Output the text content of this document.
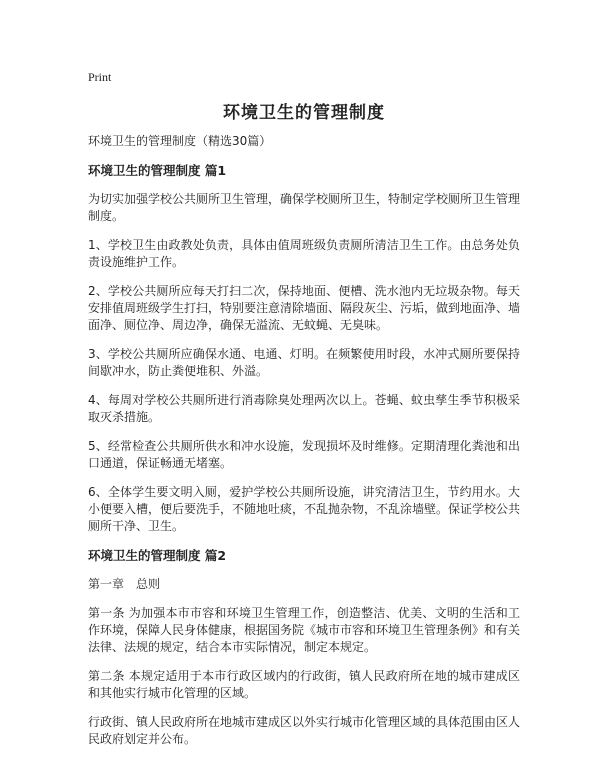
Print
环境卫生的管理制度
环境卫生的管理制度（精选30篇）
环境卫生的管理制度 篇1
为切实加强学校公共厕所卫生管理，确保学校厕所卫生，特制定学校厕所卫生管理制度。
1、学校卫生由政教处负责，具体由值周班级负责厕所清洁卫生工作。由总务处负责设施维护工作。
2、学校公共厕所应每天打扫二次，保持地面、便槽、洗水池内无垃圾杂物。每天安排值周班级学生打扫，特别要注意清除墙面、隔段灰尘、污垢，做到地面净、墙面净、厕位净、周边净，确保无溢流、无蚊蝇、无臭味。
3、学校公共厕所应确保水通、电通、灯明。在频繁使用时段，水冲式厕所要保持间歇冲水，防止粪便堆积、外溢。
4、每周对学校公共厕所进行消毒除臭处理两次以上。苍蝇、蚊虫孳生季节积极采取灭杀措施。
5、经常检查公共厕所供水和冲水设施，发现损坏及时维修。定期清理化粪池和出口通道，保证畅通无堵塞。
6、全体学生要文明入厕，爱护学校公共厕所设施，讲究清洁卫生，节约用水。大小便要入槽，便后要洗手，不随地吐痰，不乱抛杂物，不乱涂墙壁。保证学校公共厕所干净、卫生。
环境卫生的管理制度 篇2
第一章　总则
第一条 为加强本市市容和环境卫生管理工作，创造整洁、优美、文明的生活和工作环境，保障人民身体健康，根据国务院《城市市容和环境卫生管理条例》和有关法律、法规的规定，结合本市实际情况，制定本规定。
第二条 本规定适用于本市行政区域内的行政街，镇人民政府所在地的城市建成区和其他实行城市化管理的区域。
行政街、镇人民政府所在地城市建成区以外实行城市化管理区域的具体范围由区人民政府划定并公布。
